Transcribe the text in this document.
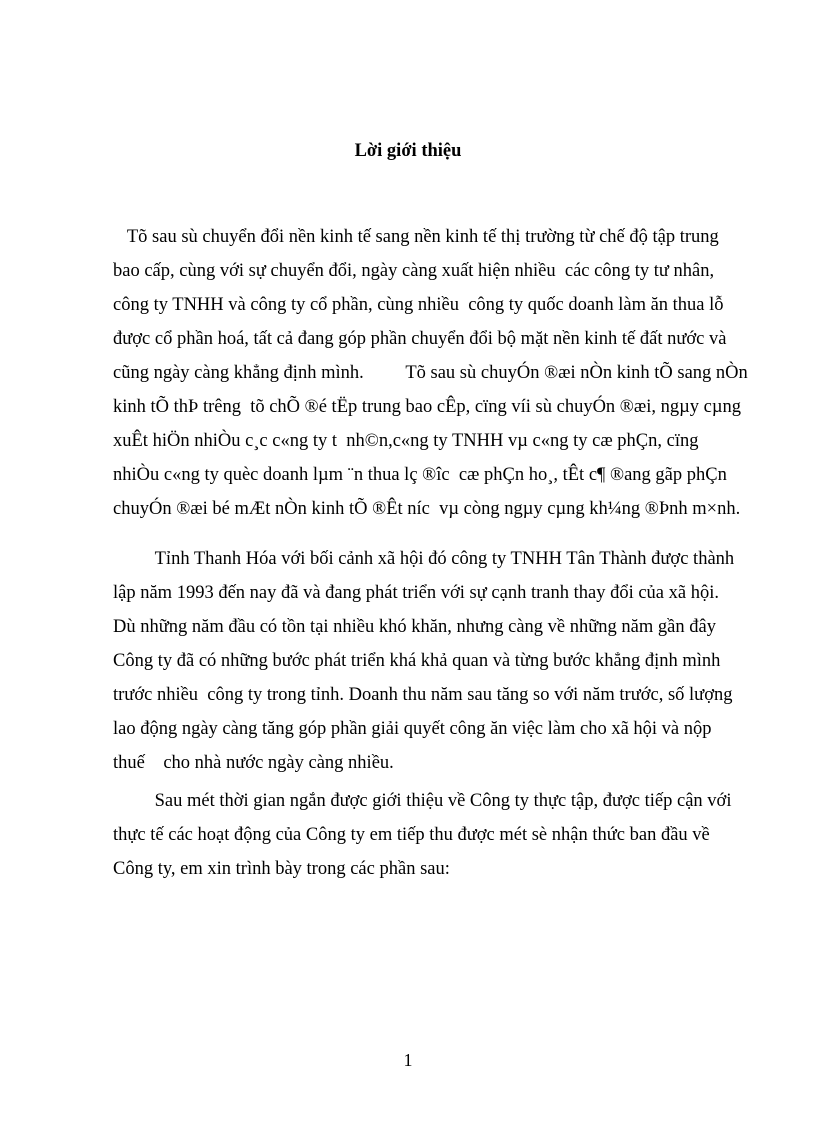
Lời giới thiệu
Tõ sau sù chuyển đổi nền kinh tế sang nền kinh tế thị trường từ chế độ tập trung
bao cấp, cùng với sự chuyển đổi, ngày càng xuất hiện nhiều  các công ty tư nhân,
công ty TNHH và công ty cổ phần, cùng nhiều  công ty quốc doanh làm ăn thua lỗ
được cổ phần hoá, tất cả đang góp phần chuyển đổi bộ mặt nền kinh tế đất nước và
cũng ngày càng khẳng định mình.         Tõ sau sù chuyÓn ®æi nÒn kinh tÕ sang nÒn
kinh tÕ thÞ trêng  tõ chÕ ®é tËp trung bao cÊp, cïng víi sù chuyÓn ®æi, ngµy cµng
xuÊt hiÖn nhiÒu c¸c c«ng ty t  nh©n,c«ng ty TNHH vµ c«ng ty cæ phÇn, cïng
nhiÒu c«ng ty quèc doanh lµm ¨n thua lç ®îc  cæ phÇn ho¸, tÊt c¶ ®ang gãp phÇn
chuyÓn ®æi bé mÆt nÒn kinh tÕ ®Êt níc  vµ còng ngµy cµng kh¼ng ®Þnh m×nh.
Tỉnh Thanh Hóa với bối cảnh xã hội đó công ty TNHH Tân Thành được thành
lập năm 1993 đến nay đã và đang phát triển với sự cạnh tranh thay đổi của xã hội.
Dù những năm đầu có tồn tại nhiều khó khăn, nhưng càng về những năm gần đây
Công ty đã có những bước phát triển khá khả quan và từng bước khẳng định mình
trước nhiều  công ty trong tỉnh. Doanh thu năm sau tăng so với năm trước, số lượng
lao động ngày càng tăng góp phần giải quyết công ăn việc làm cho xã hội và nộp
thuế    cho nhà nước ngày càng nhiều.
Sau mét thời gian ngắn được giới thiệu về Công ty thực tập, được tiếp cận với
thực tế các hoạt động của Công ty em tiếp thu được mét sè nhận thức ban đầu về
Công ty, em xin trình bày trong các phần sau:
1
